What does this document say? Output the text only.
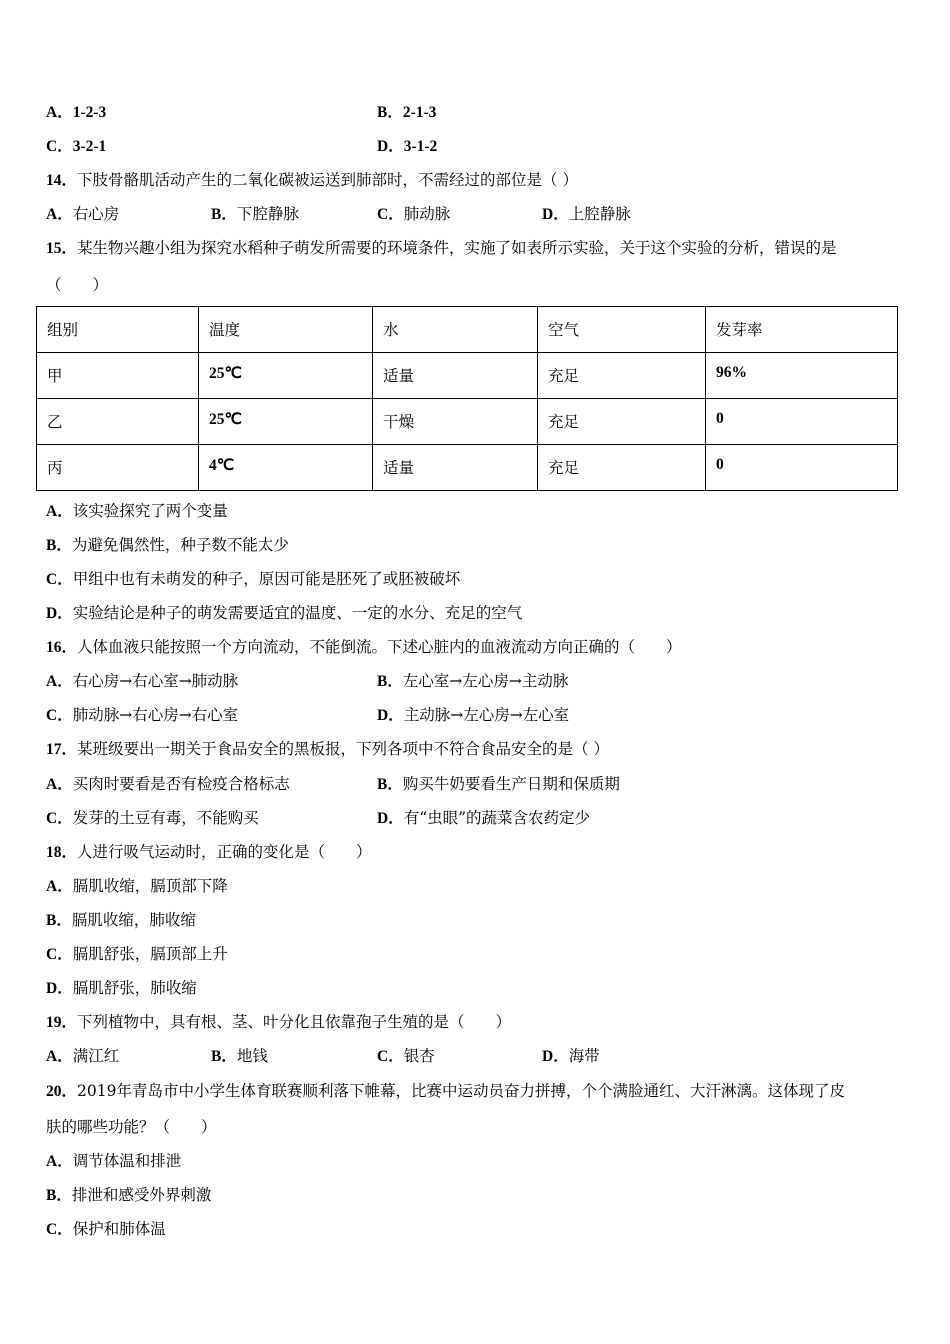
A．1-2-3	B．2-1-3
C．3-2-1	D．3-1-2
14．下肢骨骼肌活动产生的二氧化碳被运送到肺部时，不需经过的部位是（ ）
A．右心房	B．下腔静脉	C．肺动脉	D．上腔静脉
15．某生物兴趣小组为探究水稻种子萌发所需要的环境条件，实施了如表所示实验，关于这个实验的分析，错误的是
（　　）
组别	温度	水	空气	发芽率
甲	25℃	适量	充足	96%
乙	25℃	干燥	充足	0
丙	4℃	适量	充足	0
A．该实验探究了两个变量
B．为避免偶然性，种子数不能太少
C．甲组中也有未萌发的种子，原因可能是胚死了或胚被破坏
D．实验结论是种子的萌发需要适宜的温度、一定的水分、充足的空气
16．人体血液只能按照一个方向流动，不能倒流。下述心脏内的血液流动方向正确的（　　）
A．右心房→右心室→肺动脉	B．左心室→左心房→主动脉
C．肺动脉→右心房→右心室	D．主动脉→左心房→左心室
17．某班级要出一期关于食品安全的黑板报，下列各项中不符合食品安全的是（ ）
A．买肉时要看是否有检疫合格标志	B．购买牛奶要看生产日期和保质期
C．发芽的土豆有毒，不能购买	D．有“虫眼”的蔬菜含农药定少
18．人进行吸气运动时，正确的变化是（　　）
A．膈肌收缩，膈顶部下降
B．膈肌收缩，肺收缩
C．膈肌舒张，膈顶部上升
D．膈肌舒张，肺收缩
19．下列植物中，具有根、茎、叶分化且依靠孢子生殖的是（　　）
A．满江红	B．地钱	C．银杏	D．海带
20．2019年青岛市中小学生体育联赛顺利落下帷幕，比赛中运动员奋力拼搏，个个满脸通红、大汗淋漓。这体现了皮
肤的哪些功能？（　　）
A．调节体温和排泄
B．排泄和感受外界刺激
C．保护和肺体温
